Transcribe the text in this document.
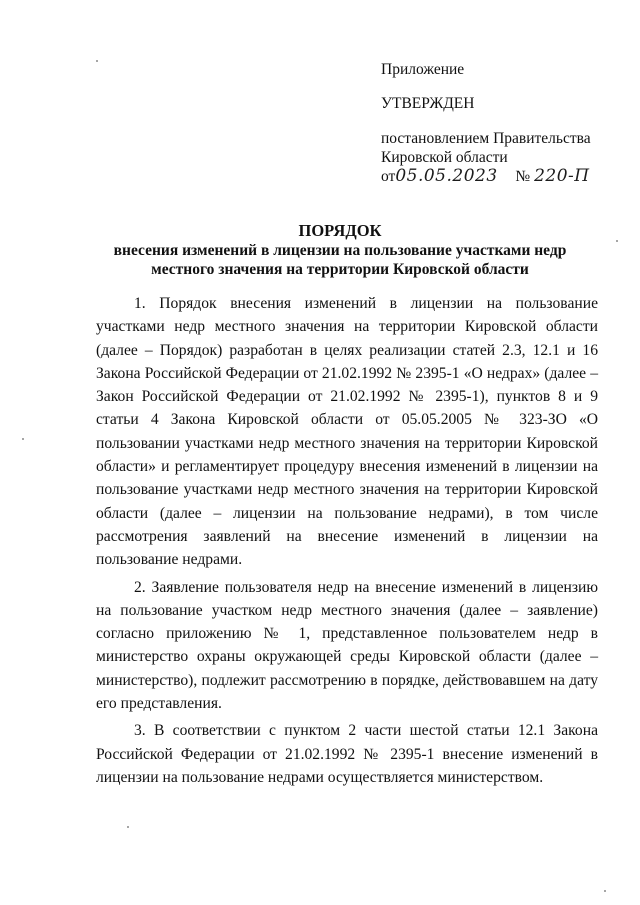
Приложение
УТВЕРЖДЕН
постановлением Правительства
Кировской области
от05.05.2023 № 220-П
ПОРЯДОК
внесения изменений в лицензии на пользование участками недр
местного значения на территории Кировской области

1. Порядок внесения изменений в лицензии на пользование участками недр местного значения на территории Кировской области (далее – Порядок) разработан в целях реализации статей 2.3, 12.1 и 16 Закона Российской Федерации от 21.02.1992 № 2395-1 «О недрах» (далее – Закон Российской Федерации от 21.02.1992 № 2395-1), пунктов 8 и 9 статьи 4 Закона Кировской области от 05.05.2005 № 323-ЗО «О пользовании участками недр местного значения на территории Кировской области» и регламентирует процедуру внесения изменений в лицензии на пользование участками недр местного значения на территории Кировской области (далее – лицензии на пользование недрами), в том числе рассмотрения заявлений на внесение изменений в лицензии на пользование недрами.

2. Заявление пользователя недр на внесение изменений в лицензию на пользование участком недр местного значения (далее – заявление) согласно приложению № 1, представленное пользователем недр в министерство охраны окружающей среды Кировской области (далее – министерство), подлежит рассмотрению в порядке, действовавшем на дату его представления.

3. В соответствии с пунктом 2 части шестой статьи 12.1 Закона Российской Федерации от 21.02.1992 № 2395-1 внесение изменений в лицензии на пользование недрами осуществляется министерством.
